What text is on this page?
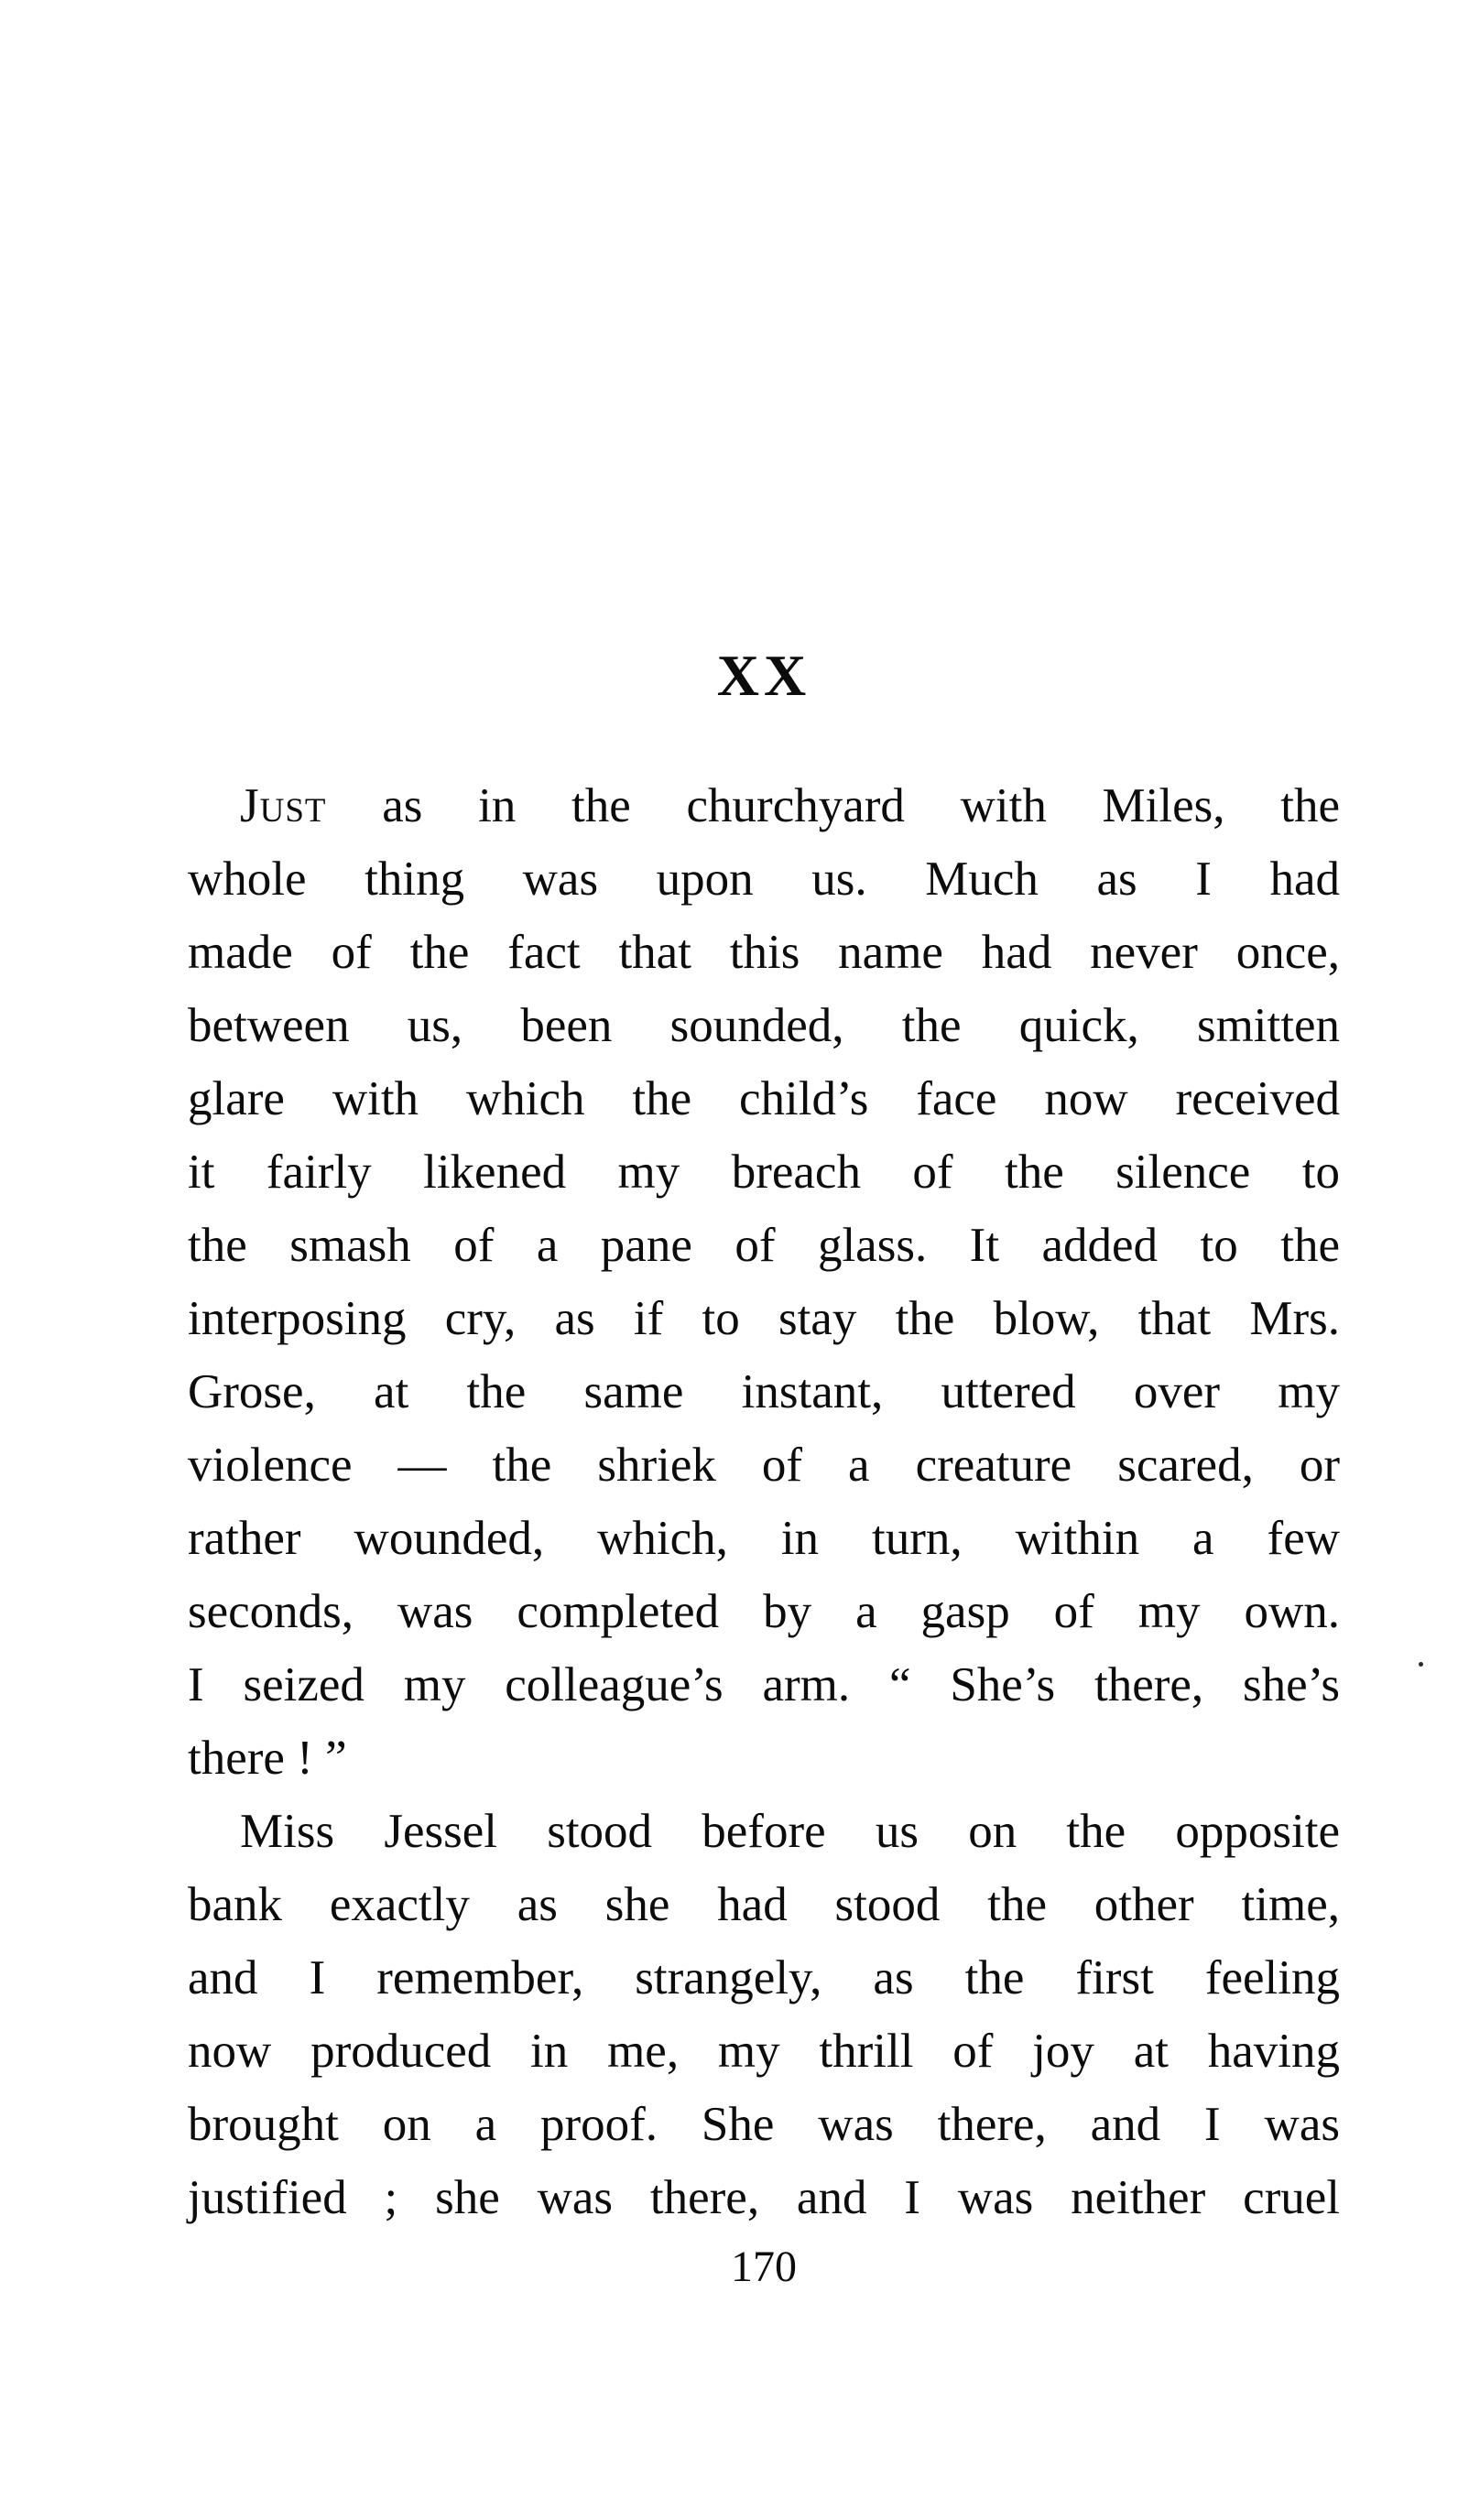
XX
Just as in the churchyard with Miles, the
whole thing was upon us. Much as I had
made of the fact that this name had never once,
between us, been sounded, the quick, smitten
glare with which the child’s face now received
it fairly likened my breach of the silence to
the smash of a pane of glass. It added to the
interposing cry, as if to stay the blow, that Mrs.
Grose, at the same instant, uttered over my
violence — the shriek of a creature scared, or
rather wounded, which, in turn, within a few
seconds, was completed by a gasp of my own.
I seized my colleague’s arm. “ She’s there, she’s
there ! ”
Miss Jessel stood before us on the opposite
bank exactly as she had stood the other time,
and I remember, strangely, as the first feeling
now produced in me, my thrill of joy at having
brought on a proof. She was there, and I was
justified ; she was there, and I was neither cruel
170
